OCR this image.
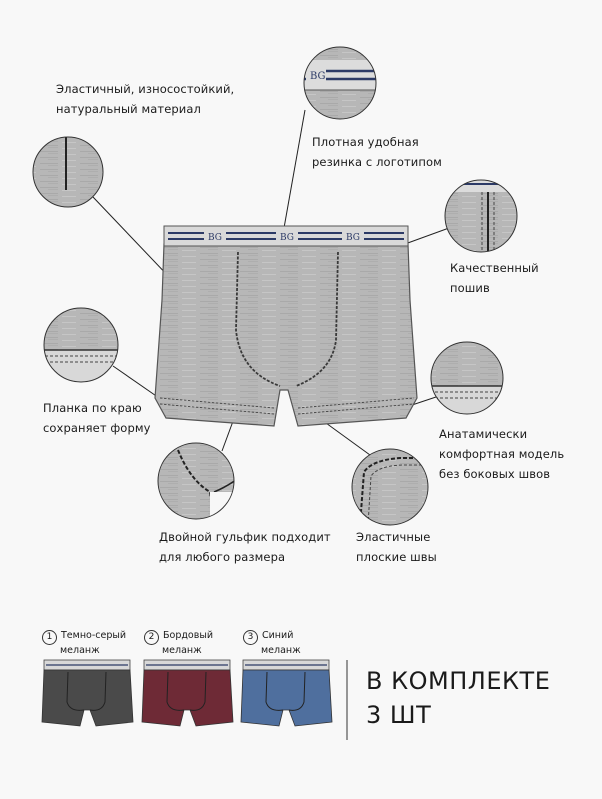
BG	BG	BG
BG
Эластичный, износостойкий,
натуральный материал
Плотная удобная
резинка с логотипом
Качественный
пошив
Планка по краю
сохраняет форму	Анатамически
комфортная модель
без боковых швов
Двойной гульфик подходит
для любого размера
Эластичные
плоские швы
1 Темно-серый
меланж
2 Бордовый
меланж
3 Синий
меланж
В КОМПЛЕКТЕ
3 ШТ
